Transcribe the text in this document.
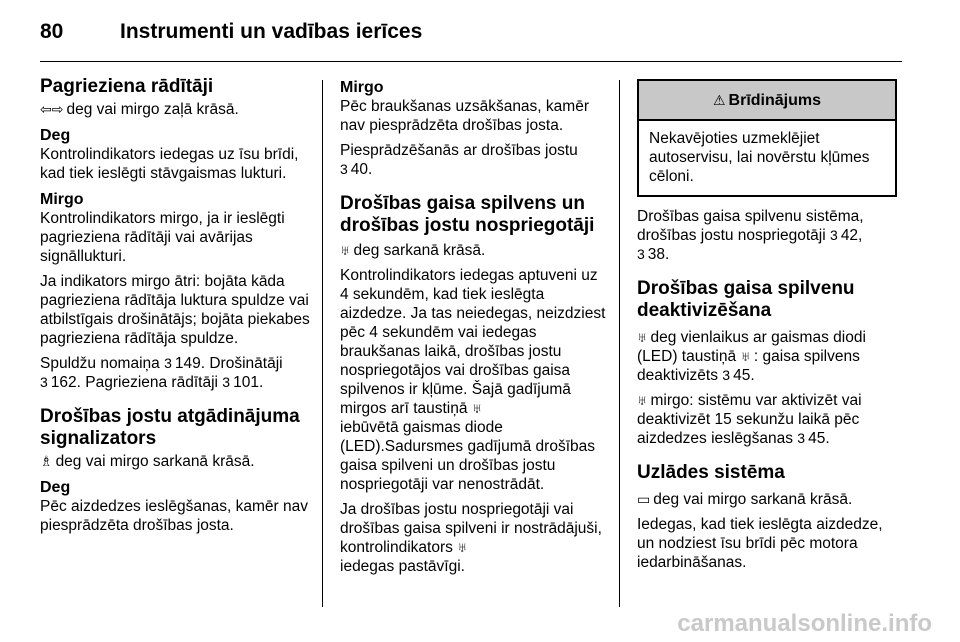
80	Instrumenti un vadības ierīces
Pagrieziena rādītāji

⇦⇨ deg vai mirgo zaļā krāsā.

Deg

Kontrolindikators iedegas uz īsu brīdi, kad tiek ieslēgti stāvgaismas lukturi.

Mirgo

Kontrolindikators mirgo, ja ir ieslēgti pagrieziena rādītāji vai avārijas signāllukturi.

Ja indikators mirgo ātri: bojāta kāda pagrieziena rādītāja luktura spuldze vai atbilstīgais drošinātājs; bojāta piekabes pagrieziena rādītāja spuldze.

Spuldžu nomaiņa 3 149. Drošinātāji
3 162. Pagrieziena rādītāji 3 101.

Drošības jostu atgādinājuma signalizators

♗ deg vai mirgo sarkanā krāsā.

Deg

Pēc aizdedzes ieslēgšanas, kamēr nav piesprādzēta drošības josta.

Mirgo

Pēc braukšanas uzsākšanas, kamēr nav piesprādzēta drošības josta.

Piesprādzēšanās ar drošības jostu
3 40.

Drošības gaisa spilvens un drošības jostu nospriegotāji

♅ deg sarkanā krāsā.

Kontrolindikators iedegas aptuveni uz 4 sekundēm, kad tiek ieslēgta aizdedze. Ja tas neiedegas, neizdziest pēc 4 sekundēm vai iedegas braukšanas laikā, drošības jostu nospriegotājos vai drošības gaisa spilvenos ir kļūme. Šajā gadījumā mirgos arī taustiņā ♅
iebūvētā gaismas diode (LED).Sadursmes gadījumā drošības gaisa spilveni un drošības jostu nospriegotāji var nenostrādāt.

Ja drošības jostu nospriegotāji vai drošības gaisa spilveni ir nostrādājuši, kontrolindikators ♅
iedegas pastāvīgi.

⚠ Brīdinājums
Nekavējoties uzmeklējiet autoservisu, lai novērstu kļūmes cēloni.

Drošības gaisa spilvenu sistēma, drošības jostu nospriegotāji 3 42,
3 38.

Drošības gaisa spilvenu deaktivizēšana

♅ deg vienlaikus ar gaismas diodi (LED) taustiņā ♅ : gaisa spilvens deaktivizēts 3 45.

♅ mirgo: sistēmu var aktivizēt vai deaktivizēt 15 sekunžu laikā pēc aizdedzes ieslēgšanas 3 45.

Uzlādes sistēma

▭ deg vai mirgo sarkanā krāsā.

Iedegas, kad tiek ieslēgta aizdedze, un nodziest īsu brīdi pēc motora iedarbināšanas.

carmanualsonline.info
